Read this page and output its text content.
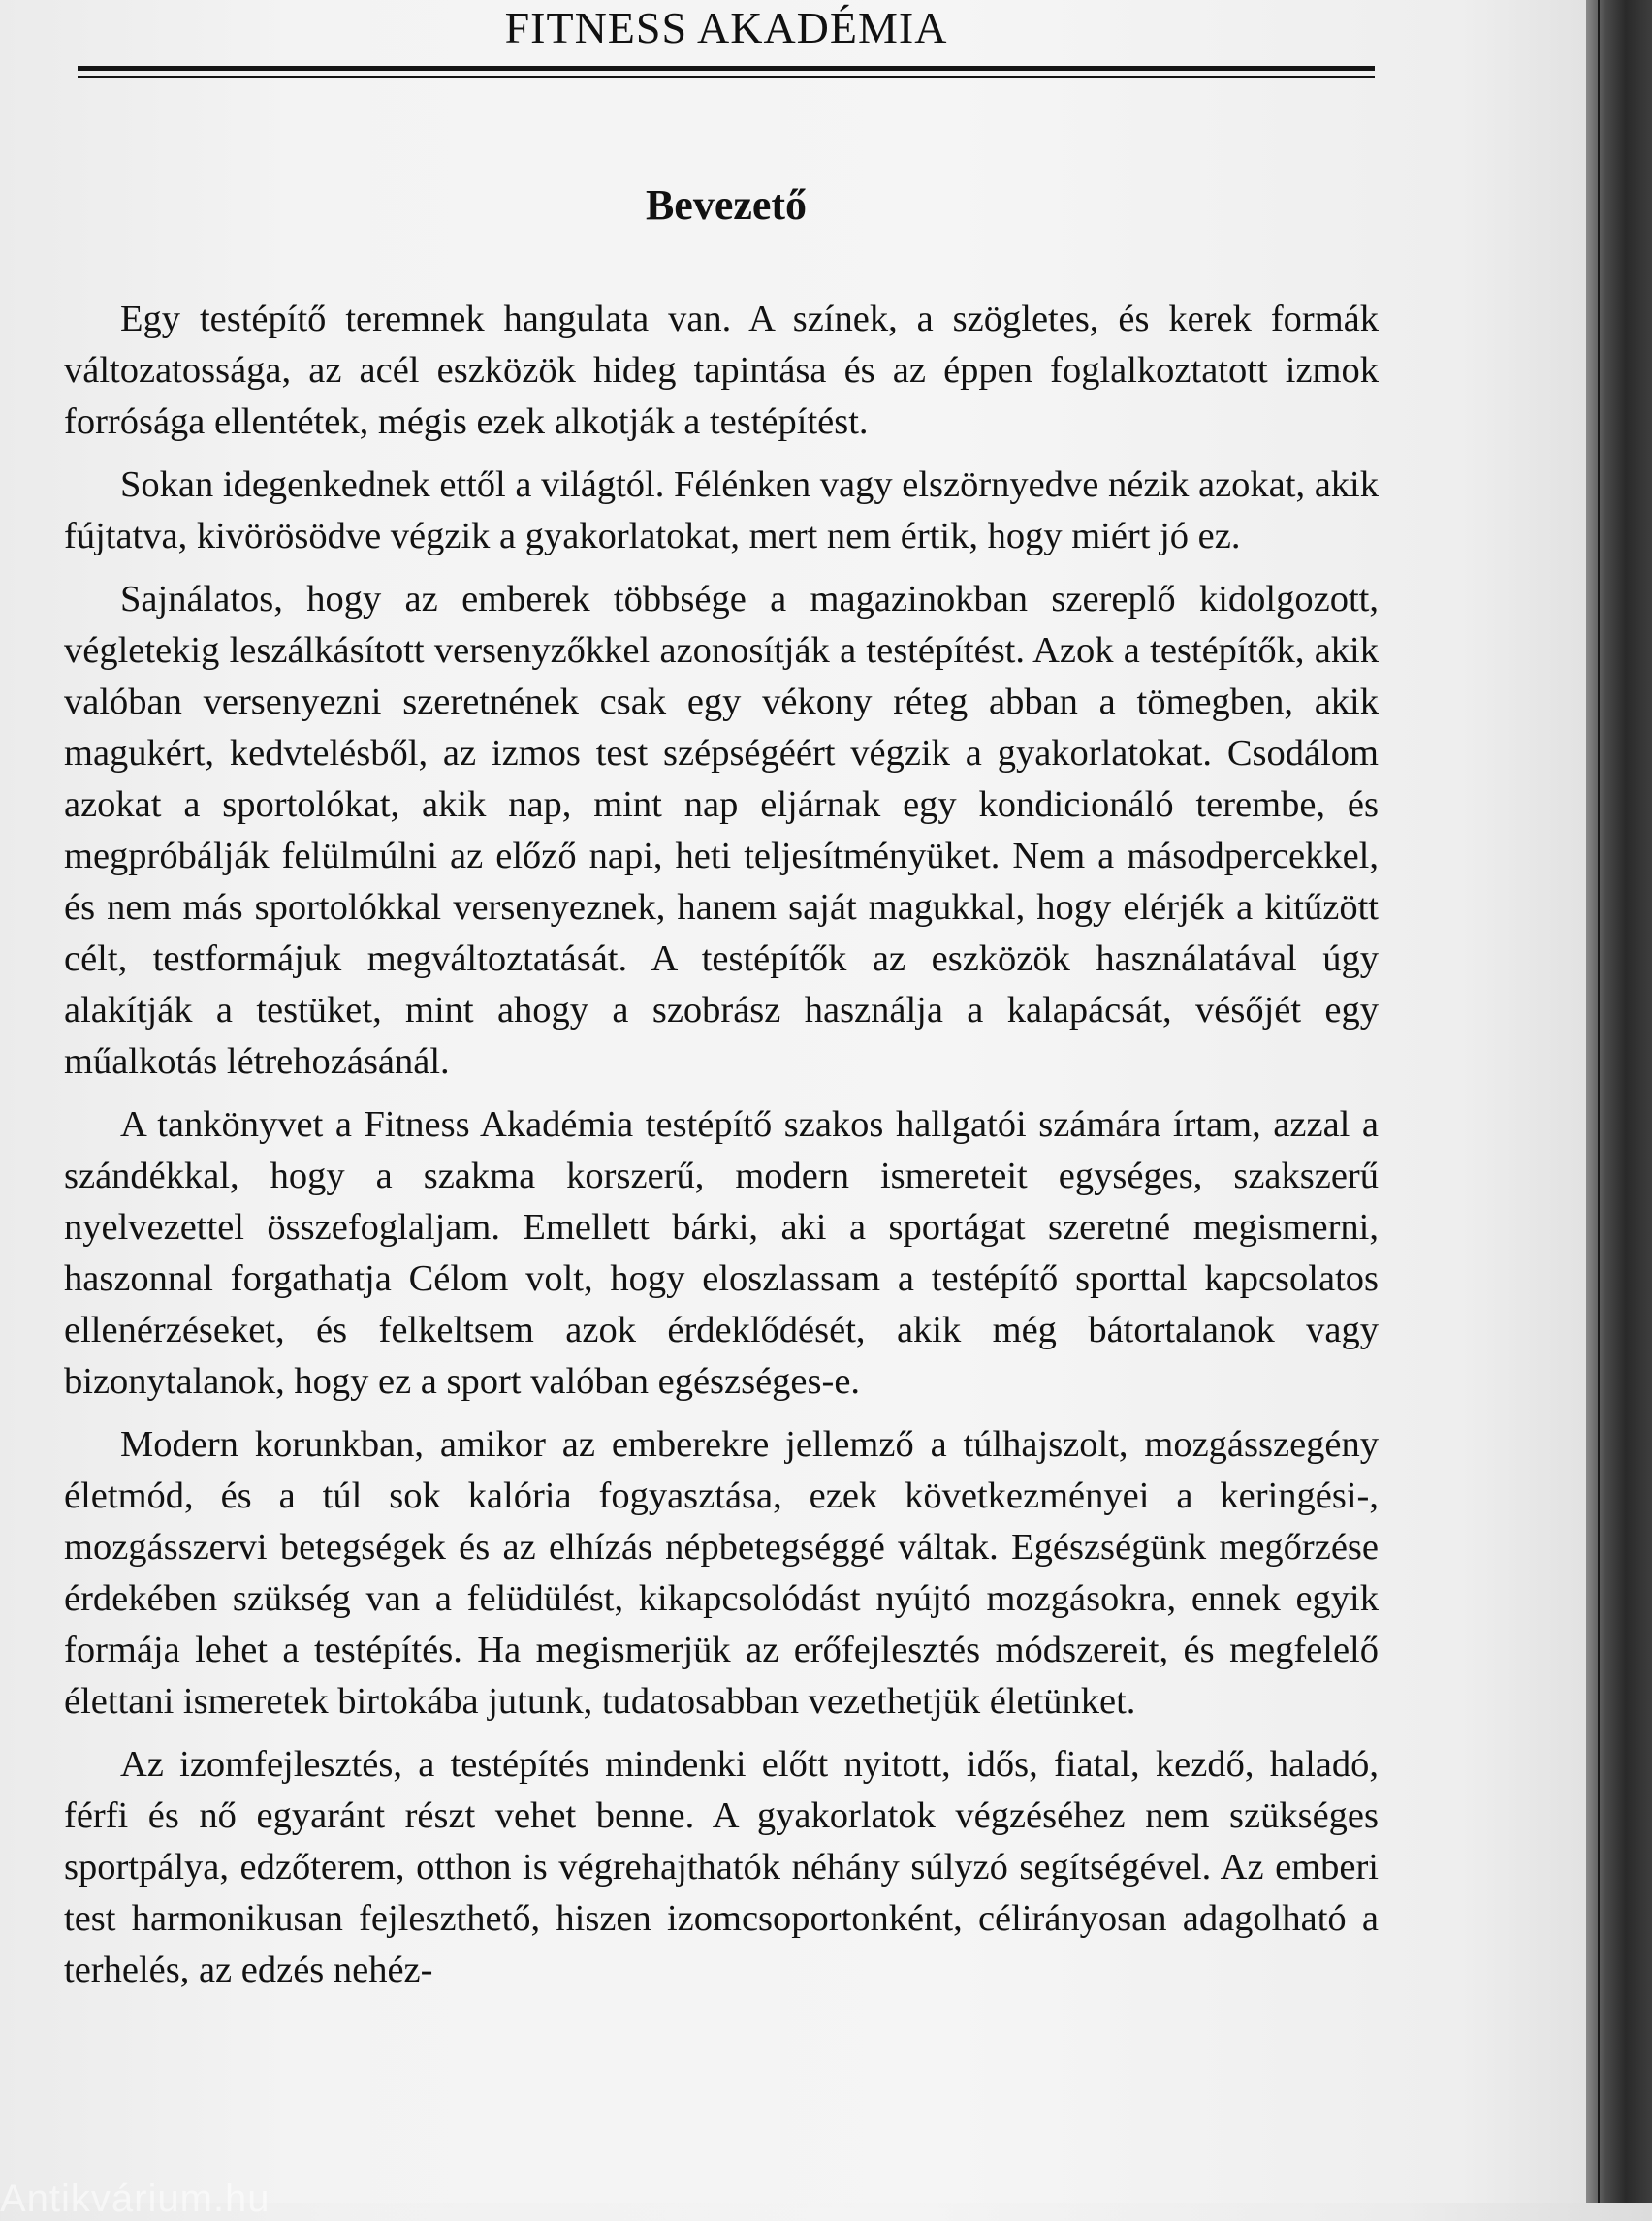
FITNESS AKADÉMIA
Bevezető

Egy testépítő teremnek hangulata van. A színek, a szögletes, és kerek formák változatossága, az acél eszközök hideg tapintása és az éppen foglalkoztatott izmok forrósága ellentétek, mégis ezek alkotják a testépítést.

Sokan idegenkednek ettől a világtól. Félénken vagy elszörnyedve nézik azokat, akik fújtatva, kivörösödve végzik a gyakorlatokat, mert nem értik, hogy miért jó ez.

Sajnálatos, hogy az emberek többsége a magazinokban szereplő kidolgozott, végletekig leszálkásított versenyzőkkel azonosítják a testépítést. Azok a testépítők, akik valóban versenyezni szeretnének csak egy vékony réteg abban a tömegben, akik magukért, kedvtelésből, az izmos test szépségéért végzik a gyakorlatokat. Csodálom azokat a sportolókat, akik nap, mint nap eljárnak egy kondicionáló terembe, és megpróbálják felülmúlni az előző napi, heti teljesítményüket. Nem a másodpercekkel, és nem más sportolókkal versenyeznek, hanem saját magukkal, hogy elérjék a kitűzött célt, testformájuk megváltoztatását. A testépítők az eszközök használatával úgy alakítják a testüket, mint ahogy a szobrász használja a kalapácsát, vésőjét egy műalkotás létrehozásánál.

A tankönyvet a Fitness Akadémia testépítő szakos hallgatói számára írtam, azzal a szándékkal, hogy a szakma korszerű, modern ismereteit egységes, szakszerű nyelvezettel összefoglaljam. Emellett bárki, aki a sportágat szeretné megismerni, haszonnal forgathatja Célom volt, hogy eloszlassam a testépítő sporttal kapcsolatos ellenérzéseket, és felkeltsem azok érdeklődését, akik még bátortalanok vagy bizonytalanok, hogy ez a sport valóban egészséges-e.

Modern korunkban, amikor az emberekre jellemző a túlhajszolt, mozgásszegény életmód, és a túl sok kalória fogyasztása, ezek következményei a keringési-, mozgásszervi betegségek és az elhízás népbetegséggé váltak. Egészségünk megőrzése érdekében szükség van a felüdülést, kikapcsolódást nyújtó mozgásokra, ennek egyik formája lehet a testépítés. Ha megismerjük az erőfejlesztés módszereit, és megfelelő élettani ismeretek birtokába jutunk, tudatosabban vezethetjük életünket.

Az izomfejlesztés, a testépítés mindenki előtt nyitott, idős, fiatal, kezdő, haladó, férfi és nő egyaránt részt vehet benne. A gyakorlatok végzéséhez nem szükséges sportpálya, edzőterem, otthon is végrehajthatók néhány súlyzó segítségével. Az emberi test harmonikusan fejleszthető, hiszen izomcsoportonként, célirányosan adagolható a terhelés, az edzés nehéz-

Antikvárium.hu
